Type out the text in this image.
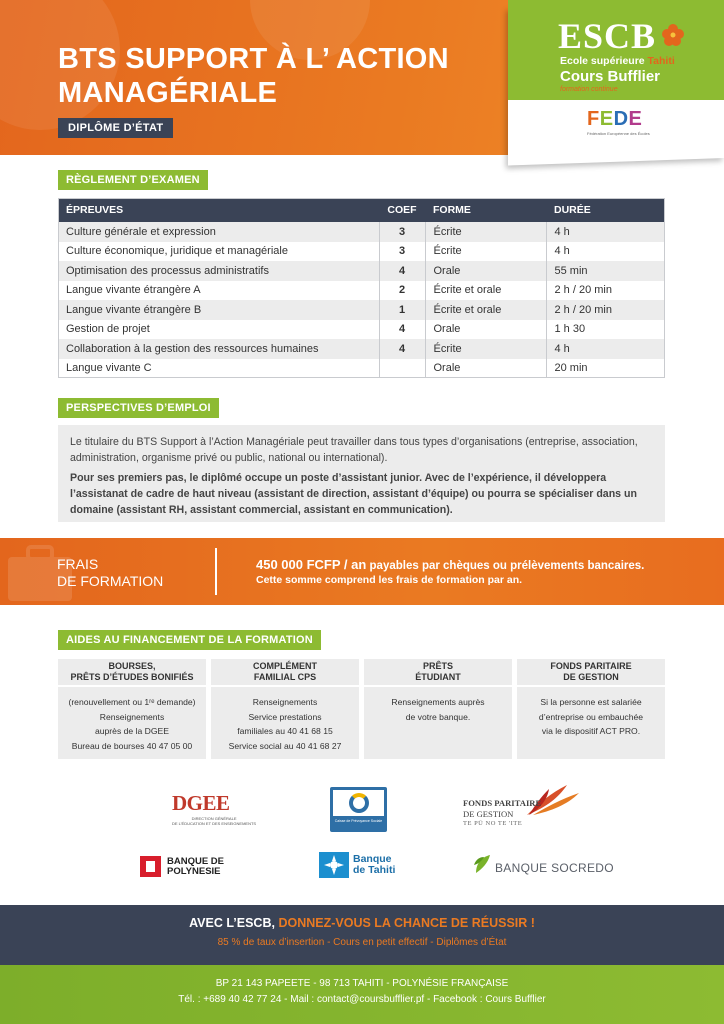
BTS SUPPORT À L’ ACTION
MANAGÉRIALE
DIPLÔME D’ÉTAT
ESCB
Ecole supérieure Tahiti
Cours Bufflier
formation continue
FEDE
Fédération Européenne des Écoles
RÈGLEMENT D’EXAMEN
ÉPREUVES	COEF	FORME	DURÉE
Culture générale et expression	3	Écrite	4 h
Culture économique, juridique et managériale	3	Écrite	4 h
Optimisation des processus administratifs	4	Orale	55 min
Langue vivante étrangère A	2	Écrite et orale	2 h / 20 min
Langue vivante étrangère B	1	Écrite et orale	2 h / 20 min
Gestion de projet	4	Orale	1 h 30
Collaboration à la gestion des ressources humaines	4	Écrite	4 h
Langue vivante C		Orale	20 min
PERSPECTIVES D’EMPLOI

Le titulaire du BTS Support à l’Action Managériale peut travailler dans tous types d’organisations (entreprise, association, administration, organisme privé ou public, national ou international).

Pour ses premiers pas, le diplômé occupe un poste d’assistant junior. Avec de l’expérience, il développera l’assistanat de cadre de haut niveau (assistant de direction, assistant d’équipe) ou pourra se spécialiser dans un domaine (assistant RH, assistant commercial, assistant en communication).

FRAIS
DE FORMATION
450 000 FCFP / an payables par chèques ou prélèvements bancaires.
Cette somme comprend les frais de formation par an.
AIDES AU FINANCEMENT DE LA FORMATION
BOURSES,
PRÊTS D’ÉTUDES BONIFIÉS
(renouvellement ou 1ʳᵉ demande)
Renseignements
auprès de la DGEE
Bureau de bourses 40 47 05 00
COMPLÉMENT
FAMILIAL CPS
Renseignements
Service prestations
familiales au 40 41 68 15
Service social au 40 41 68 27
PRÊTS
ÉTUDIANT
Renseignements auprès
de votre banque.
FONDS PARITAIRE
DE GESTION
Si la personne est salariée
d’entreprise ou embauchée
via le dispositif ACT PRO.
DGEE
DIRECTION GÉNÉRALE
DE L’ÉDUCATION ET DES ENSEIGNEMENTS	Caisse de Prévoyance Sociale
FONDS PARITAIRE
DE GESTION
TE PŪ NO TE 'ITE
BANQUE DE
POLYNESIE
Banque
de Tahiti	BANQUE SOCREDO
AVEC L’ESCB, DONNEZ-VOUS LA CHANCE DE RÉUSSIR !
85 % de taux d’insertion - Cours en petit effectif - Diplômes d’État
BP 21 143 PAPEETE - 98 713 TAHITI - POLYNÉSIE FRANÇAISE
Tél. : +689 40 42 77 24 - Mail : contact@coursbufflier.pf - Facebook : Cours Bufflier
